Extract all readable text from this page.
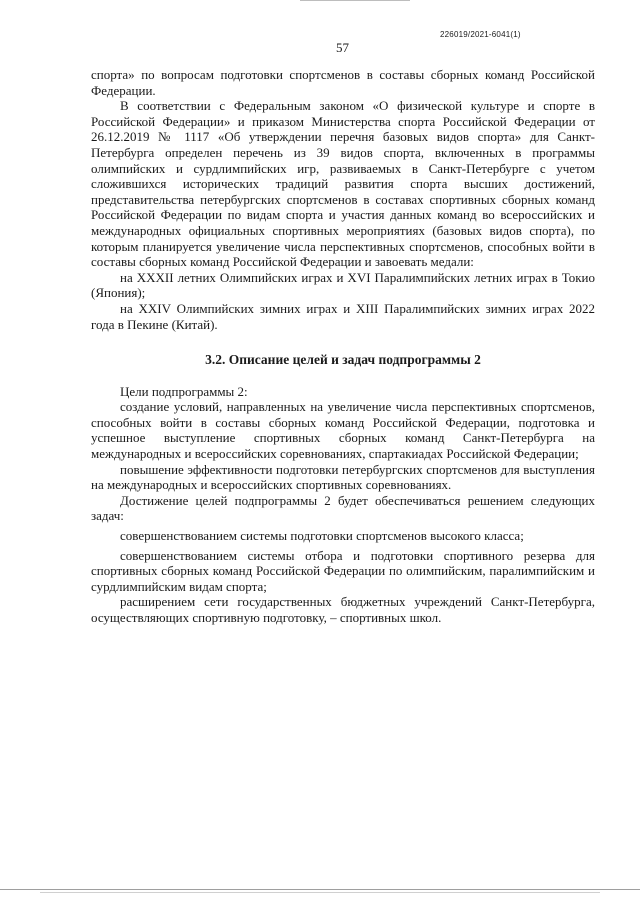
226019/2021-6041(1)
57

спорта» по вопросам подготовки спортсменов в составы сборных команд Российской Федерации.

В соответствии с Федеральным законом «О физической культуре и спорте в Российской Федерации» и приказом Министерства спорта Российской Федерации от 26.12.2019 № 1117 «Об утверждении перечня базовых видов спорта» для Санкт-Петербурга определен перечень из 39 видов спорта, включенных в программы олимпийских и сурдлимпийских игр, развиваемых в Санкт-Петербурге с учетом сложившихся исторических традиций развития спорта высших достижений, представительства петербургских спортсменов в составах спортивных сборных команд Российской Федерации по видам спорта и участия данных команд во всероссийских и международных официальных спортивных мероприятиях (базовых видов спорта), по которым планируется увеличение числа перспективных спортсменов, способных войти в составы сборных команд Российской Федерации и завоевать медали:

на XXXII летних Олимпийских играх и XVI Паралимпийских летних играх в Токио (Япония);

на XXIV Олимпийских зимних играх и XIII Паралимпийских зимних играх 2022 года в Пекине (Китай).

3.2. Описание целей и задач подпрограммы 2

Цели подпрограммы 2:

создание условий, направленных на увеличение числа перспективных спортсменов, способных войти в составы сборных команд Российской Федерации, подготовка и успешное выступление спортивных сборных команд Санкт-Петербурга на международных и всероссийских соревнованиях, спартакиадах Российской Федерации;

повышение эффективности подготовки петербургских спортсменов для выступления на международных и всероссийских спортивных соревнованиях.

Достижение целей подпрограммы 2 будет обеспечиваться решением следующих задач:

совершенствованием системы подготовки спортсменов высокого класса;

совершенствованием системы отбора и подготовки спортивного резерва для спортивных сборных команд Российской Федерации по олимпийским, паралимпийским и сурдлимпийским видам спорта;

расширением сети государственных бюджетных учреждений Санкт-Петербурга, осуществляющих спортивную подготовку, – спортивных школ.
